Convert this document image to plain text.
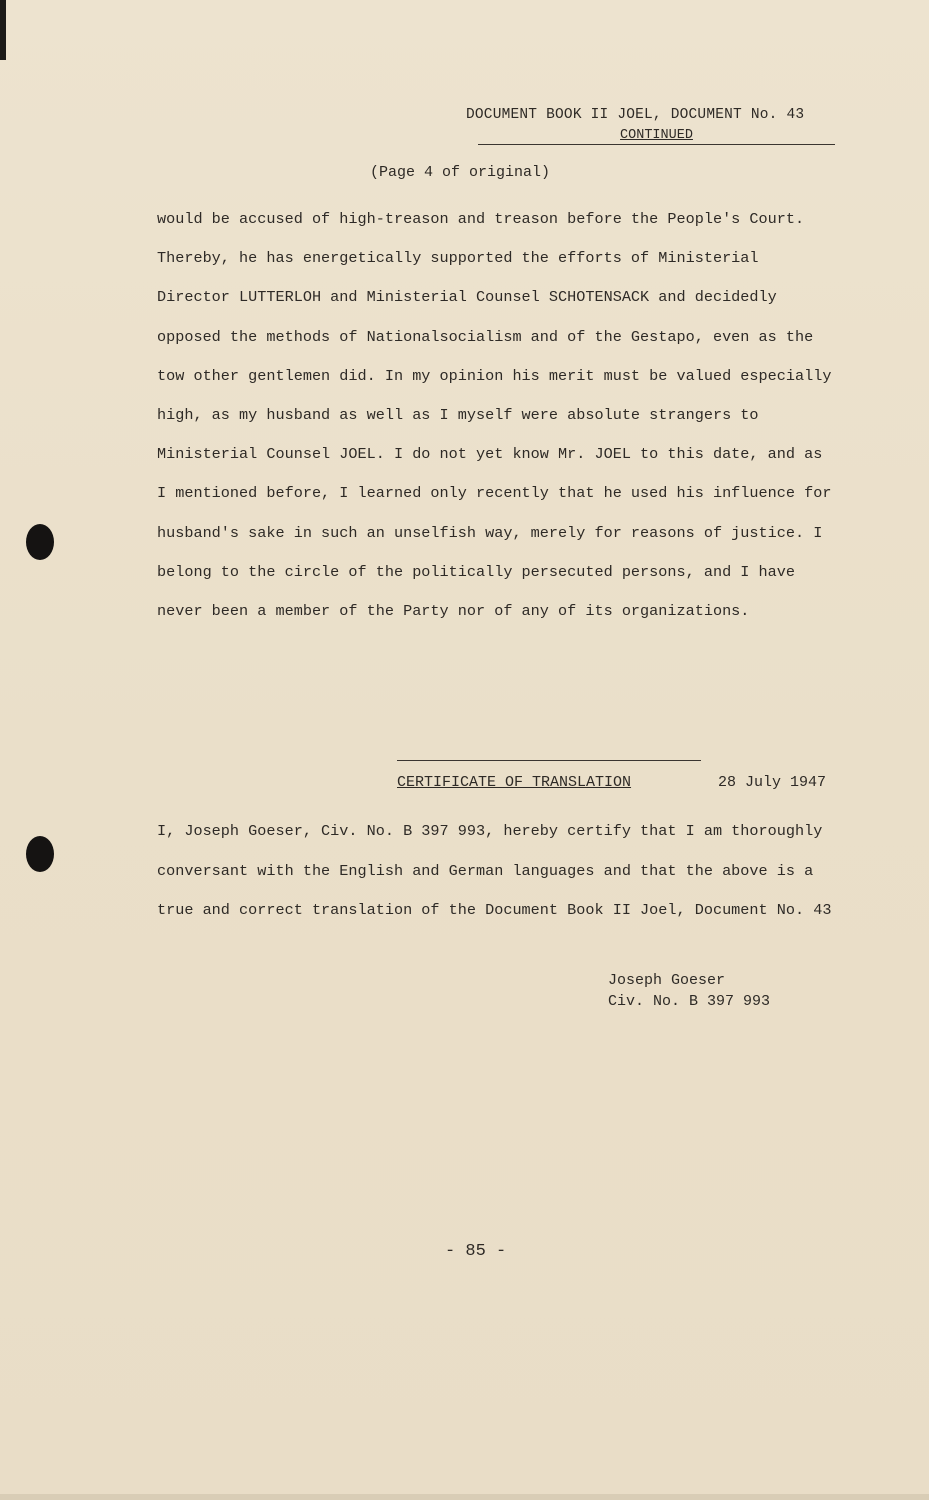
DOCUMENT BOOK II JOEL, DOCUMENT No. 43
CONTINUED
(Page 4 of original)
would be accused of high-treason and treason before the People's Court.
Thereby, he has energetically supported the efforts of Ministerial
Director LUTTERLOH and Ministerial Counsel SCHOTENSACK and decidedly
opposed the methods of Nationalsocialism and of the Gestapo, even as the
tow other gentlemen did. In my opinion his merit must be valued especially
high, as my husband as well as I myself were absolute strangers to
Ministerial Counsel JOEL. I do not yet know Mr. JOEL to this date, and as
I mentioned before, I learned only recently that he used his influence for
husband's sake in such an unselfish way, merely for reasons of justice. I
belong to the circle of the politically persecuted persons, and I have
never been a member of the Party nor of any of its organizations.
CERTIFICATE OF TRANSLATION	28 July 1947
I, Joseph Goeser, Civ. No. B 397 993, hereby certify that I am thoroughly
conversant with the English and German languages and that the above is a
true and correct translation of the Document Book II Joel, Document No. 43
Joseph Goeser
Civ. No. B 397 993
- 85 -
